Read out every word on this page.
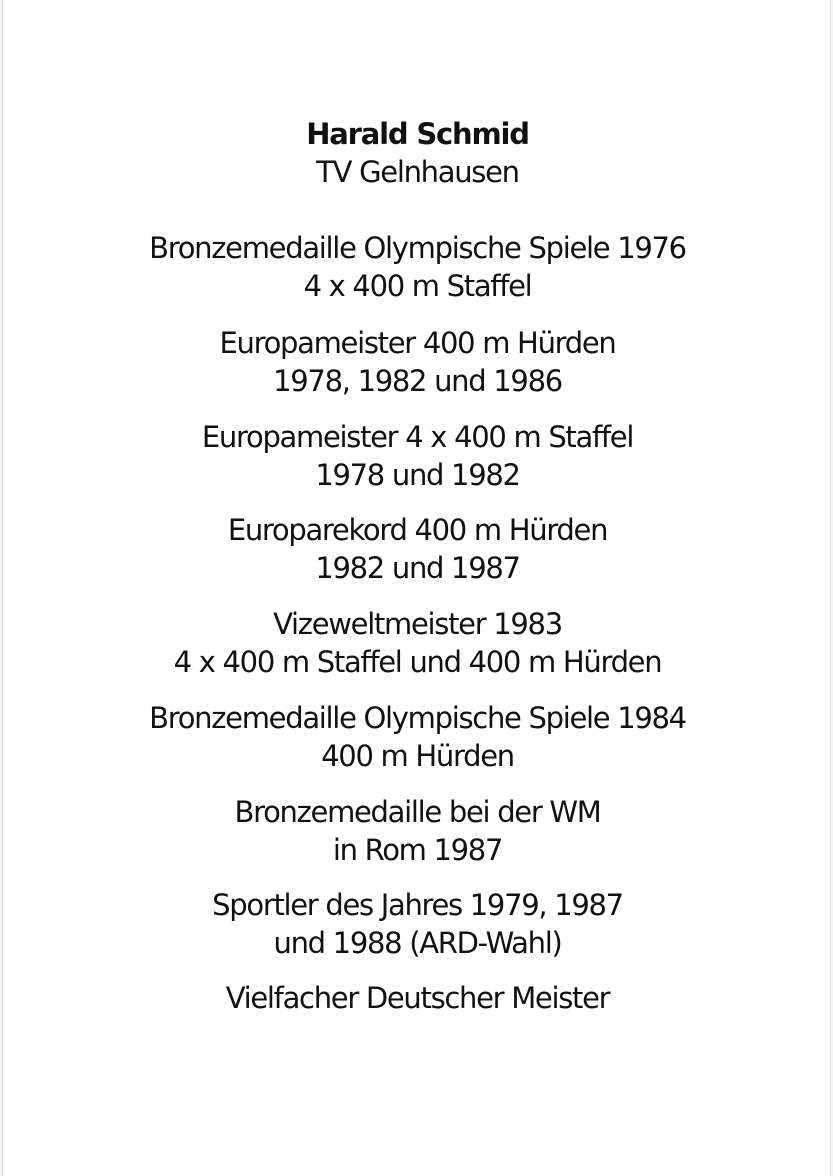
Harald Schmid
TV Gelnhausen
Bronzemedaille Olympische Spiele 1976
4 x 400 m Staffel
Europameister 400 m Hürden
1978, 1982 und 1986
Europameister 4 x 400 m Staffel
1978 und 1982
Europarekord 400 m Hürden
1982 und 1987
Vizeweltmeister 1983
4 x 400 m Staffel und 400 m Hürden
Bronzemedaille Olympische Spiele 1984
400 m Hürden
Bronzemedaille bei der WM
in Rom 1987
Sportler des Jahres 1979, 1987
und 1988 (ARD-Wahl)
Vielfacher Deutscher Meister
